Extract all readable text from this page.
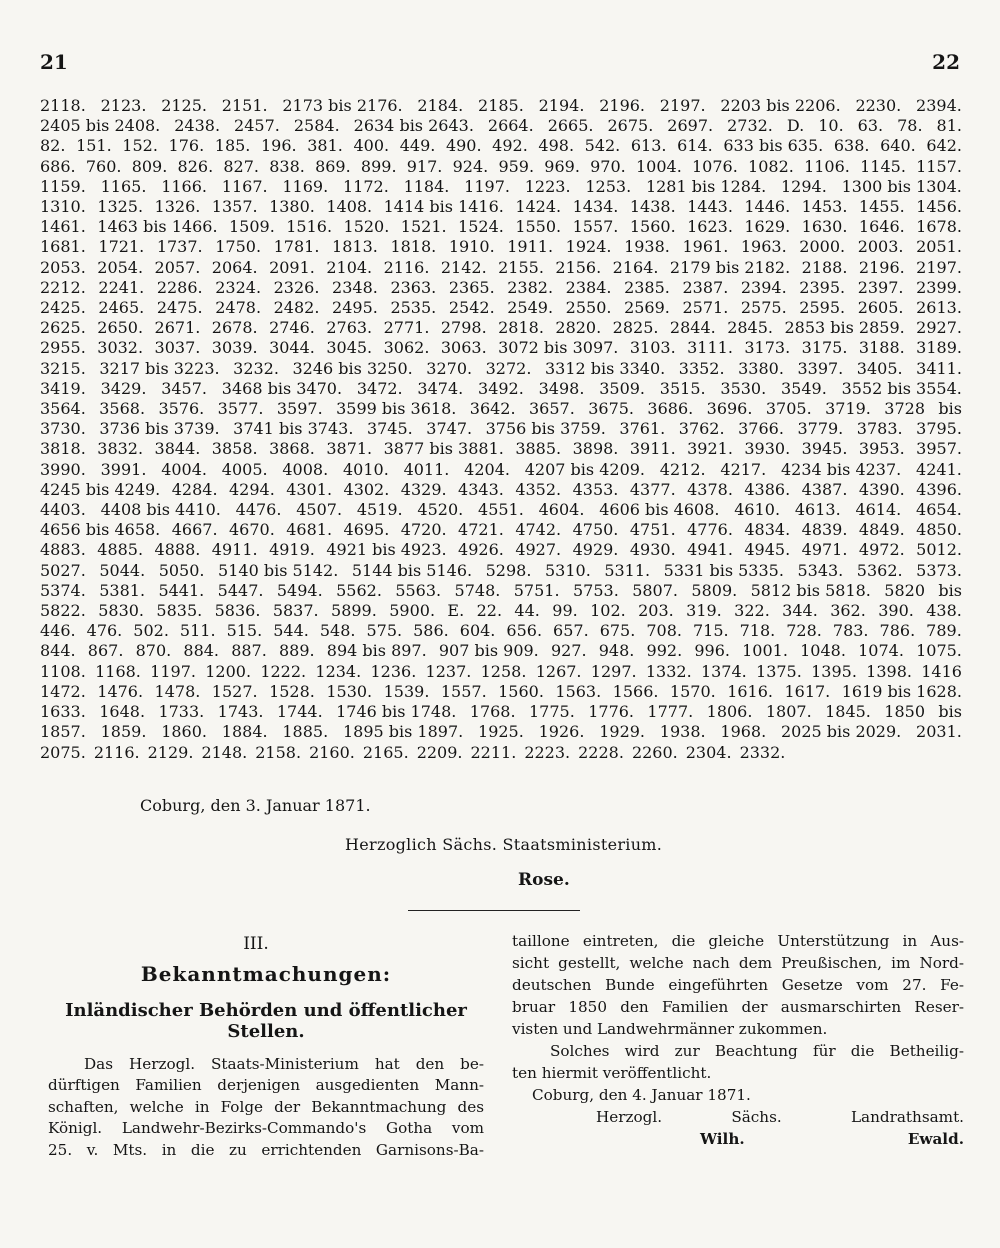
21	22
2118. 2123. 2125. 2151. 2173 bis 2176. 2184. 2185. 2194. 2196. 2197. 2203 bis 2206. 2230. 2394.
2405 bis 2408. 2438. 2457. 2584. 2634 bis 2643. 2664. 2665. 2675. 2697. 2732. D. 10. 63. 78. 81.
82. 151. 152. 176. 185. 196. 381. 400. 449. 490. 492. 498. 542. 613. 614. 633 bis 635. 638. 640. 642.
686. 760. 809. 826. 827. 838. 869. 899. 917. 924. 959. 969. 970. 1004. 1076. 1082. 1106. 1145. 1157.
1159. 1165. 1166. 1167. 1169. 1172. 1184. 1197. 1223. 1253. 1281 bis 1284. 1294. 1300 bis 1304.
1310. 1325. 1326. 1357. 1380. 1408. 1414 bis 1416. 1424. 1434. 1438. 1443. 1446. 1453. 1455. 1456.
1461. 1463 bis 1466. 1509. 1516. 1520. 1521. 1524. 1550. 1557. 1560. 1623. 1629. 1630. 1646. 1678.
1681. 1721. 1737. 1750. 1781. 1813. 1818. 1910. 1911. 1924. 1938. 1961. 1963. 2000. 2003. 2051.
2053. 2054. 2057. 2064. 2091. 2104. 2116. 2142. 2155. 2156. 2164. 2179 bis 2182. 2188. 2196. 2197.
2212. 2241. 2286. 2324. 2326. 2348. 2363. 2365. 2382. 2384. 2385. 2387. 2394. 2395. 2397. 2399.
2425. 2465. 2475. 2478. 2482. 2495. 2535. 2542. 2549. 2550. 2569. 2571. 2575. 2595. 2605. 2613.
2625. 2650. 2671. 2678. 2746. 2763. 2771. 2798. 2818. 2820. 2825. 2844. 2845. 2853 bis 2859. 2927.
2955. 3032. 3037. 3039. 3044. 3045. 3062. 3063. 3072 bis 3097. 3103. 3111. 3173. 3175. 3188. 3189.
3215. 3217 bis 3223. 3232. 3246 bis 3250. 3270. 3272. 3312 bis 3340. 3352. 3380. 3397. 3405. 3411.
3419. 3429. 3457. 3468 bis 3470. 3472. 3474. 3492. 3498. 3509. 3515. 3530. 3549. 3552 bis 3554.
3564. 3568. 3576. 3577. 3597. 3599 bis 3618. 3642. 3657. 3675. 3686. 3696. 3705. 3719. 3728 bis
3730. 3736 bis 3739. 3741 bis 3743. 3745. 3747. 3756 bis 3759. 3761. 3762. 3766. 3779. 3783. 3795.
3818. 3832. 3844. 3858. 3868. 3871. 3877 bis 3881. 3885. 3898. 3911. 3921. 3930. 3945. 3953. 3957.
3990. 3991. 4004. 4005. 4008. 4010. 4011. 4204. 4207 bis 4209. 4212. 4217. 4234 bis 4237. 4241.
4245 bis 4249. 4284. 4294. 4301. 4302. 4329. 4343. 4352. 4353. 4377. 4378. 4386. 4387. 4390. 4396.
4403. 4408 bis 4410. 4476. 4507. 4519. 4520. 4551. 4604. 4606 bis 4608. 4610. 4613. 4614. 4654.
4656 bis 4658. 4667. 4670. 4681. 4695. 4720. 4721. 4742. 4750. 4751. 4776. 4834. 4839. 4849. 4850.
4883. 4885. 4888. 4911. 4919. 4921 bis 4923. 4926. 4927. 4929. 4930. 4941. 4945. 4971. 4972. 5012.
5027. 5044. 5050. 5140 bis 5142. 5144 bis 5146. 5298. 5310. 5311. 5331 bis 5335. 5343. 5362. 5373.
5374. 5381. 5441. 5447. 5494. 5562. 5563. 5748. 5751. 5753. 5807. 5809. 5812 bis 5818. 5820 bis
5822. 5830. 5835. 5836. 5837. 5899. 5900. E. 22. 44. 99. 102. 203. 319. 322. 344. 362. 390. 438.
446. 476. 502. 511. 515. 544. 548. 575. 586. 604. 656. 657. 675. 708. 715. 718. 728. 783. 786. 789.
844. 867. 870. 884. 887. 889. 894 bis 897. 907 bis 909. 927. 948. 992. 996. 1001. 1048. 1074. 1075.
1108. 1168. 1197. 1200. 1222. 1234. 1236. 1237. 1258. 1267. 1297. 1332. 1374. 1375. 1395. 1398. 1416
1472. 1476. 1478. 1527. 1528. 1530. 1539. 1557. 1560. 1563. 1566. 1570. 1616. 1617. 1619 bis 1628.
1633. 1648. 1733. 1743. 1744. 1746 bis 1748. 1768. 1775. 1776. 1777. 1806. 1807. 1845. 1850 bis
1857. 1859. 1860. 1884. 1885. 1895 bis 1897. 1925. 1926. 1929. 1938. 1968. 2025 bis 2029. 2031.
2075. 2116. 2129. 2148. 2158. 2160. 2165. 2209. 2211. 2223. 2228. 2260. 2304. 2332.
Coburg, den 3. Januar 1871.
Herzoglich Sächs. Staatsministerium.
Rose.
III.
Bekanntmachungen:
Inländischer Behörden und öffentlicher Stellen.
Das Herzogl. Staats-Ministerium hat den be-
dürftigen Familien derjenigen ausgedienten Mann-
schaften, welche in Folge der Bekanntmachung des
Königl. Landwehr-Bezirks-Commando's Gotha vom
25. v. Mts. in die zu errichtenden Garnisons-Ba-
taillone eintreten, die gleiche Unterstützung in Aus-
sicht gestellt, welche nach dem Preußischen, im Nord-
deutschen Bunde eingeführten Gesetze vom 27. Fe-
bruar 1850 den Familien der ausmarschirten Reser-
visten und Landwehrmänner zukommen.
Solches wird zur Beachtung für die Betheilig-
ten hiermit veröffentlicht.
Coburg, den 4. Januar 1871.
Herzogl. Sächs. Landrathsamt.
Wilh. Ewald.
